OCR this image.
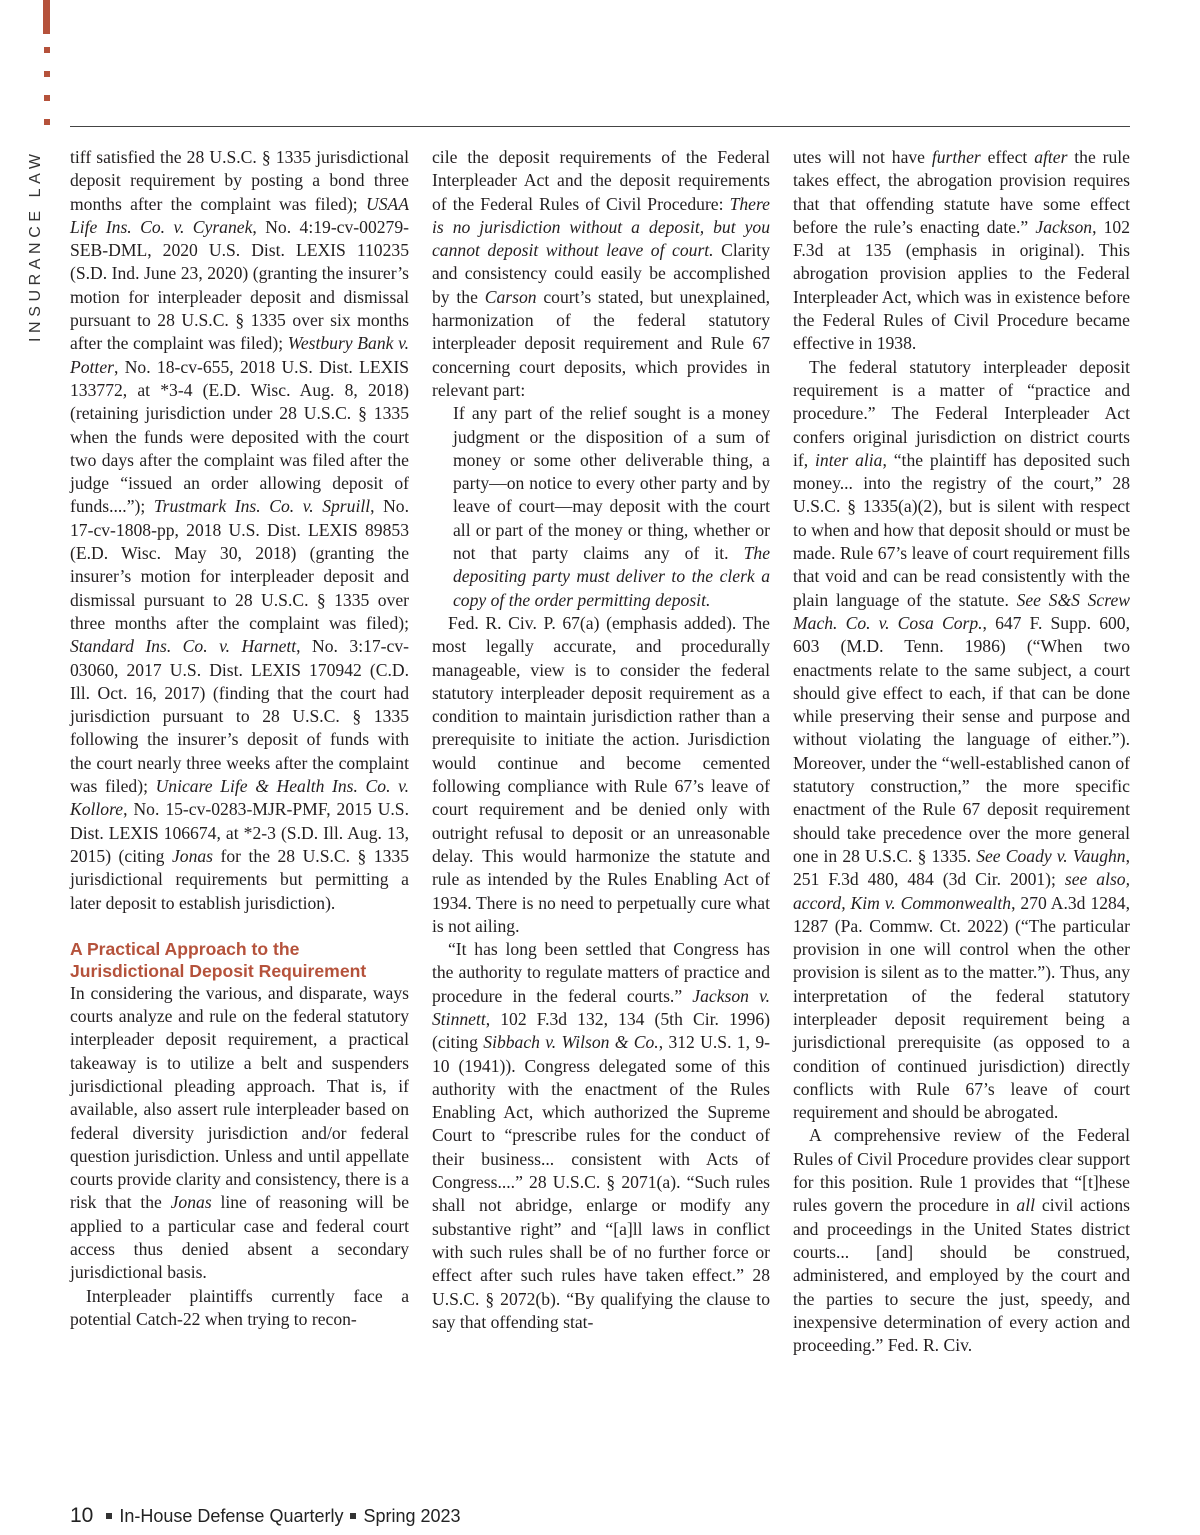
INSURANCE LAW tiff satisfied the 28 U.S.C. § 1335 jurisdictional deposit requirement by posting a bond three months after the complaint was filed); USAA Life Ins. Co. v. Cyranek, No. 4:19-cv-00279-SEB-DML, 2020 U.S. Dist. LEXIS 110235 (S.D. Ind. June 23, 2020) (granting the insurer’s motion for interpleader deposit and dismissal pursuant to 28 U.S.C. § 1335 over six months after the complaint was filed); Westbury Bank v. Potter, No. 18-cv-655, 2018 U.S. Dist. LEXIS 133772, at *3-4 (E.D. Wisc. Aug. 8, 2018) (retaining jurisdiction under 28 U.S.C. § 1335 when the funds were deposited with the court two days after the complaint was filed after the judge “issued an order allowing deposit of funds....”); Trustmark Ins. Co. v. Spruill, No. 17-cv-1808-pp, 2018 U.S. Dist. LEXIS 89853 (E.D. Wisc. May 30, 2018) (granting the insurer’s motion for interpleader deposit and dismissal pursuant to 28 U.S.C. § 1335 over three months after the complaint was filed); Standard Ins. Co. v. Harnett, No. 3:17-cv-03060, 2017 U.S. Dist. LEXIS 170942 (C.D. Ill. Oct. 16, 2017) (finding that the court had jurisdiction pursuant to 28 U.S.C. § 1335 following the insurer’s deposit of funds with the court nearly three weeks after the complaint was filed); Unicare Life & Health Ins. Co. v. Kollore, No. 15-cv-0283-MJR-PMF, 2015 U.S. Dist. LEXIS 106674, at *2-3 (S.D. Ill. Aug. 13, 2015) (citing Jonas for the 28 U.S.C. § 1335 jurisdictional requirements but permitting a later deposit to establish jurisdiction).

A Practical Approach to the Jurisdictional Deposit Requirement

In considering the various, and disparate, ways courts analyze and rule on the federal statutory interpleader deposit requirement, a practical takeaway is to utilize a belt and suspenders jurisdictional pleading approach. That is, if available, also assert rule interpleader based on federal diversity jurisdiction and/or federal question jurisdiction. Unless and until appellate courts provide clarity and consistency, there is a risk that the Jonas line of reasoning will be applied to a particular case and federal court access thus denied absent a secondary jurisdictional basis.

Interpleader plaintiffs currently face a potential Catch-22 when trying to recon-

cile the deposit requirements of the Federal Interpleader Act and the deposit requirements of the Federal Rules of Civil Procedure: There is no jurisdiction without a deposit, but you cannot deposit without leave of court. Clarity and consistency could easily be accomplished by the Carson court’s stated, but unexplained, harmonization of the federal statutory interpleader deposit requirement and Rule 67 concerning court deposits, which provides in relevant part:

If any part of the relief sought is a money judgment or the disposition of a sum of money or some other deliverable thing, a party—on notice to every other party and by leave of court—may deposit with the court all or part of the money or thing, whether or not that party claims any of it. The depositing party must deliver to the clerk a copy of the order permitting deposit.

Fed. R. Civ. P. 67(a) (emphasis added). The most legally accurate, and procedurally manageable, view is to consider the federal statutory interpleader deposit requirement as a condition to maintain jurisdiction rather than a prerequisite to initiate the action. Jurisdiction would continue and become cemented following compliance with Rule 67’s leave of court requirement and be denied only with outright refusal to deposit or an unreasonable delay. This would harmonize the statute and rule as intended by the Rules Enabling Act of 1934. There is no need to perpetually cure what is not ailing.

“It has long been settled that Congress has the authority to regulate matters of practice and procedure in the federal courts.” Jackson v. Stinnett, 102 F.3d 132, 134 (5th Cir. 1996) (citing Sibbach v. Wilson & Co., 312 U.S. 1, 9-10 (1941)). Congress delegated some of this authority with the enactment of the Rules Enabling Act, which authorized the Supreme Court to “prescribe rules for the conduct of their business... consistent with Acts of Congress....” 28 U.S.C. § 2071(a). “Such rules shall not abridge, enlarge or modify any substantive right” and “[a]ll laws in conflict with such rules shall be of no further force or effect after such rules have taken effect.” 28 U.S.C. § 2072(b). “By qualifying the clause to say that offending stat-

utes will not have further effect after the rule takes effect, the abrogation provision requires that that offending statute have some effect before the rule’s enacting date.” Jackson, 102 F.3d at 135 (emphasis in original). This abrogation provision applies to the Federal Interpleader Act, which was in existence before the Federal Rules of Civil Procedure became effective in 1938.

The federal statutory interpleader deposit requirement is a matter of “practice and procedure.” The Federal Interpleader Act confers original jurisdiction on district courts if, inter alia, “the plaintiff has deposited such money... into the registry of the court,” 28 U.S.C. § 1335(a)(2), but is silent with respect to when and how that deposit should or must be made. Rule 67’s leave of court requirement fills that void and can be read consistently with the plain language of the statute. See S&S Screw Mach. Co. v. Cosa Corp., 647 F. Supp. 600, 603 (M.D. Tenn. 1986) (“When two enactments relate to the same subject, a court should give effect to each, if that can be done while preserving their sense and purpose and without violating the language of either.”). Moreover, under the “well-established canon of statutory construction,” the more specific enactment of the Rule 67 deposit requirement should take precedence over the more general one in 28 U.S.C. § 1335. See Coady v. Vaughn, 251 F.3d 480, 484 (3d Cir. 2001); see also, accord, Kim v. Commonwealth, 270 A.3d 1284, 1287 (Pa. Commw. Ct. 2022) (“The particular provision in one will control when the other provision is silent as to the matter.”). Thus, any interpretation of the federal statutory interpleader deposit requirement being a jurisdictional prerequisite (as opposed to a condition of continued jurisdiction) directly conflicts with Rule 67’s leave of court requirement and should be abrogated.

A comprehensive review of the Federal Rules of Civil Procedure provides clear support for this position. Rule 1 provides that “[t]hese rules govern the procedure in all civil actions and proceedings in the United States district courts... [and] should be construed, administered, and employed by the court and the parties to secure the just, speedy, and inexpensive determination of every action and proceeding.” Fed. R. Civ.

10 In-House Defense Quarterly Spring 2023
